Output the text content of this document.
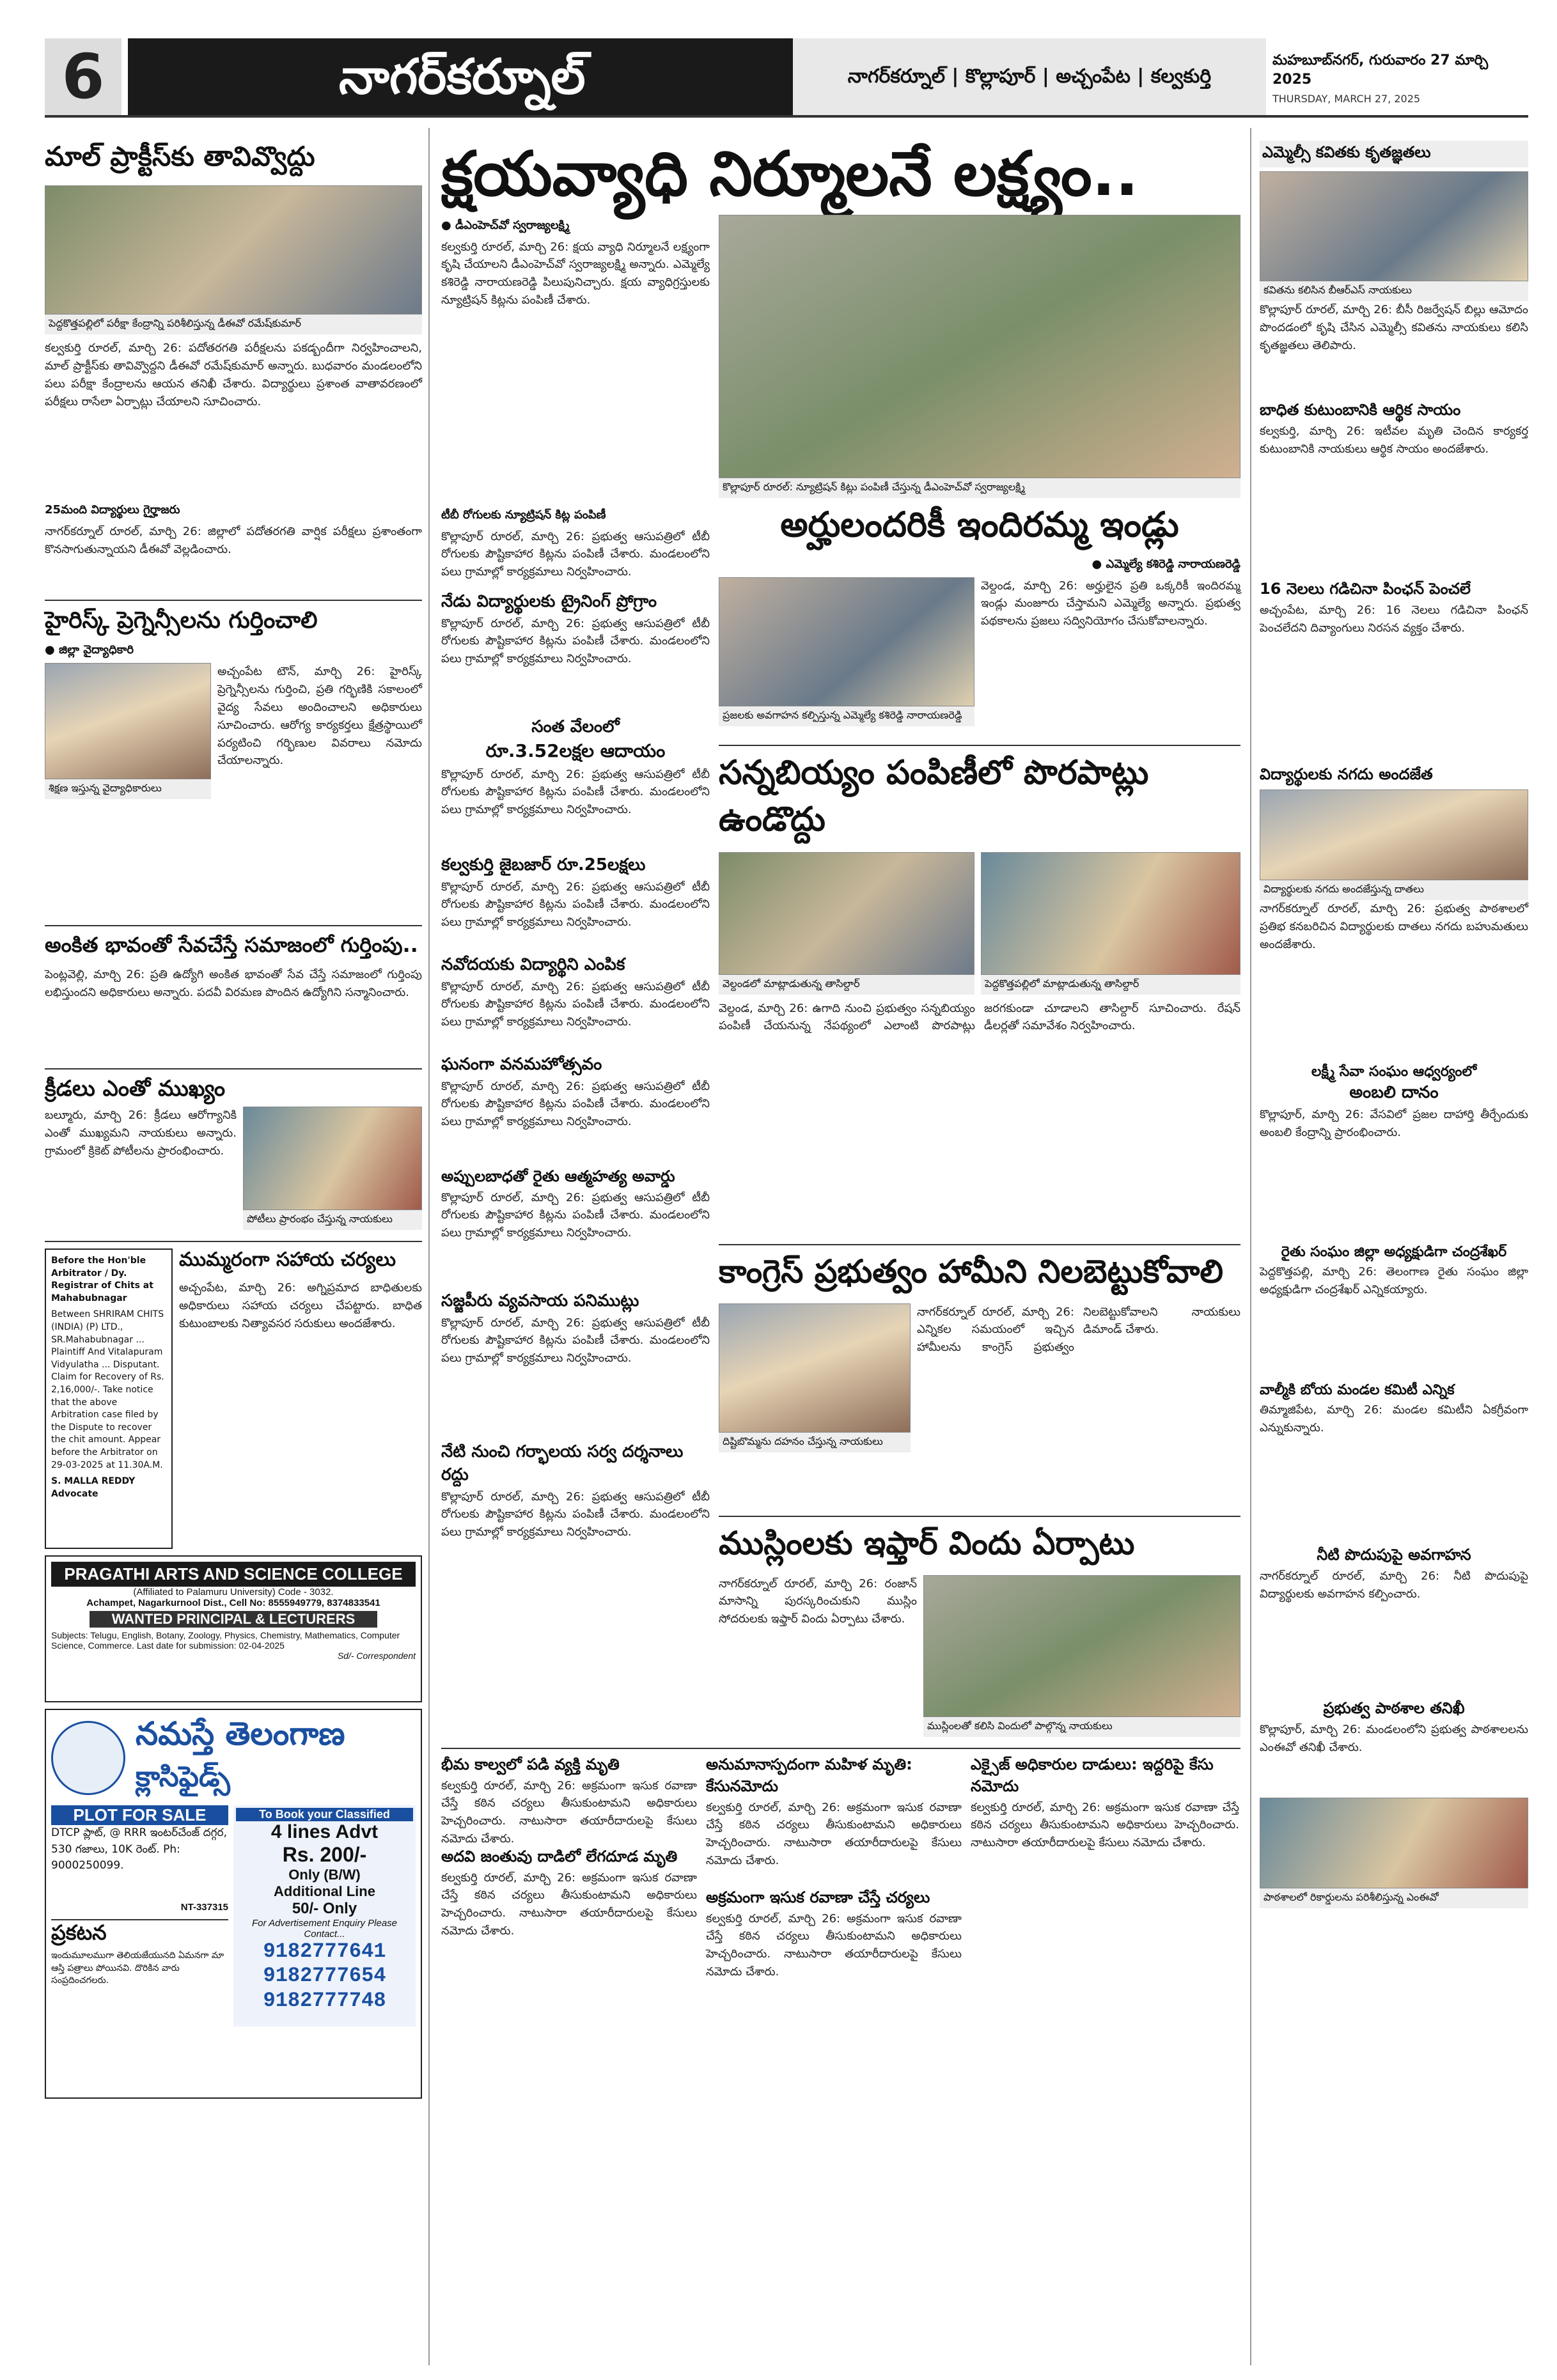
6	నాగర్‌కర్నూల్	నాగర్‌కర్నూల్ | కొల్లాపూర్ | అచ్చంపేట | కల్వకుర్తి
మహబూబ్‌నగర్, గురువారం 27 మార్చి 2025
THURSDAY, MARCH 27, 2025
మాల్ ప్రాక్టీస్‌కు తావివ్వొద్దు
పెద్దకొత్తపల్లిలో పరీక్షా కేంద్రాన్ని పరిశీలిస్తున్న డీఈవో రమేష్‌కుమార్
కల్వకుర్తి రూరల్, మార్చి 26: పదోతరగతి పరీక్షలను పకడ్బందీగా నిర్వహించాలని, మాల్ ప్రాక్టీస్‌కు తావివ్వొద్దని డీఈవో రమేష్‌కుమార్ అన్నారు. బుధవారం మండలంలోని పలు పరీక్షా కేంద్రాలను ఆయన తనిఖీ చేశారు. విద్యార్థులు ప్రశాంత వాతావరణంలో పరీక్షలు రాసేలా ఏర్పాట్లు చేయాలని సూచించారు.
25మంది విద్యార్థులు గైర్హాజరు
నాగర్‌కర్నూల్ రూరల్, మార్చి 26: జిల్లాలో పదోతరగతి వార్షిక పరీక్షలు ప్రశాంతంగా కొనసాగుతున్నాయని డీఈవో వెల్లడించారు.
హైరిస్క్ ప్రెగ్నెన్సీలను గుర్తించాలి
● జిల్లా వైద్యాధికారి
శిక్షణ ఇస్తున్న వైద్యాధికారులు
అచ్చంపేట టౌన్, మార్చి 26: హైరిస్క్ ప్రెగ్నెన్సీలను గుర్తించి, ప్రతి గర్భిణికి సకాలంలో వైద్య సేవలు అందించాలని అధికారులు సూచించారు. ఆరోగ్య కార్యకర్తలు క్షేత్రస్థాయిలో పర్యటించి గర్భిణుల వివరాలు నమోదు చేయాలన్నారు.
అంకిత భావంతో సేవచేస్తే సమాజంలో గుర్తింపు..
పెంట్లవెల్లి, మార్చి 26: ప్రతి ఉద్యోగి అంకిత భావంతో సేవ చేస్తే సమాజంలో గుర్తింపు లభిస్తుందని అధికారులు అన్నారు. పదవీ విరమణ పొందిన ఉద్యోగిని సన్మానించారు.
క్రీడలు ఎంతో ముఖ్యం
బల్మూరు, మార్చి 26: క్రీడలు ఆరోగ్యానికి ఎంతో ముఖ్యమని నాయకులు అన్నారు. గ్రామంలో క్రికెట్ పోటీలను ప్రారంభించారు.
పోటీలు ప్రారంభం చేస్తున్న నాయకులు
Before the Hon'ble Arbitrator / Dy. Registrar of Chits at Mahabubnagar
Between SHRIRAM CHITS (INDIA) (P) LTD., SR.Mahabubnagar ... Plaintiff And Vitalapuram Vidyulatha ... Disputant. Claim for Recovery of Rs. 2,16,000/-. Take notice that the above Arbitration case filed by the Dispute to recover the chit amount. Appear before the Arbitrator on 29-03-2025 at 11.30A.M.
S. MALLA REDDY Advocate
ముమ్మరంగా సహాయ చర్యలు
అచ్చంపేట, మార్చి 26: అగ్నిప్రమాద బాధితులకు అధికారులు సహాయ చర్యలు చేపట్టారు. బాధిత కుటుంబాలకు నిత్యావసర సరుకులు అందజేశారు.
PRAGATHI ARTS AND SCIENCE COLLEGE
(Affiliated to Palamuru University) Code - 3032.
Achampet, Nagarkurnool Dist., Cell No: 8555949779, 8374833541
WANTED PRINCIPAL & LECTURERS
Subjects: Telugu, English, Botany, Zoology, Physics, Chemistry, Mathematics, Computer Science, Commerce. Last date for submission: 02-04-2025
Sd/- Correspondent
నమస్తే తెలంగాణ
క్లాసిఫైడ్స్
PLOT FOR SALE
DTCP ప్లాట్, @ RRR ఇంటర్‌చేంజ్ దగ్గర, 530 గజాలు, 10K రెంట్. Ph: 9000250099.
NT-337315
ప్రకటన
ఇందుమూలముగా తెలియజేయునది ఏమనగా మా ఆస్తి పత్రాలు పోయినవి. దొరికిన వారు సంప్రదించగలరు.
To Book your Classified
4 lines Advt
Rs. 200/-
Only (B/W)
Additional Line
50/- Only
For Advertisement Enquiry Please Contact...
9182777641
9182777654
9182777748
క్షయవ్యాధి నిర్మూలనే లక్ష్యం..
● డీఎంహెచ్‌వో స్వరాజ్యలక్ష్మి
కల్వకుర్తి రూరల్, మార్చి 26: క్షయ వ్యాధి నిర్మూలనే లక్ష్యంగా కృషి చేయాలని డీఎంహెచ్‌వో స్వరాజ్యలక్ష్మి అన్నారు. ఎమ్మెల్యే కశిరెడ్డి నారాయణరెడ్డి పిలుపునిచ్చారు. క్షయ వ్యాధిగ్రస్తులకు న్యూట్రిషన్ కిట్లను పంపిణీ చేశారు.
కొల్లాపూర్ రూరల్: న్యూట్రిషన్ కిట్లు పంపిణీ చేస్తున్న డీఎంహెచ్‌వో స్వరాజ్యలక్ష్మి
టీబీ రోగులకు న్యూట్రిషన్ కిట్ల పంపిణీ
కొల్లాపూర్ రూరల్, మార్చి 26: ప్రభుత్వ ఆసుపత్రిలో టీబీ రోగులకు పౌష్టికాహార కిట్లను పంపిణీ చేశారు. మండలంలోని పలు గ్రామాల్లో కార్యక్రమాలు నిర్వహించారు.
నేడు విద్యార్థులకు ట్రైనింగ్ ప్రోగ్రాం
కొల్లాపూర్ రూరల్, మార్చి 26: ప్రభుత్వ ఆసుపత్రిలో టీబీ రోగులకు పౌష్టికాహార కిట్లను పంపిణీ చేశారు. మండలంలోని పలు గ్రామాల్లో కార్యక్రమాలు నిర్వహించారు.
సంత వేలంలో
రూ.3.52లక్షల ఆదాయం
కొల్లాపూర్ రూరల్, మార్చి 26: ప్రభుత్వ ఆసుపత్రిలో టీబీ రోగులకు పౌష్టికాహార కిట్లను పంపిణీ చేశారు. మండలంలోని పలు గ్రామాల్లో కార్యక్రమాలు నిర్వహించారు.
కల్వకుర్తి జైబజార్ రూ.25లక్షలు
కొల్లాపూర్ రూరల్, మార్చి 26: ప్రభుత్వ ఆసుపత్రిలో టీబీ రోగులకు పౌష్టికాహార కిట్లను పంపిణీ చేశారు. మండలంలోని పలు గ్రామాల్లో కార్యక్రమాలు నిర్వహించారు.
నవోదయకు విద్యార్థిని ఎంపిక
కొల్లాపూర్ రూరల్, మార్చి 26: ప్రభుత్వ ఆసుపత్రిలో టీబీ రోగులకు పౌష్టికాహార కిట్లను పంపిణీ చేశారు. మండలంలోని పలు గ్రామాల్లో కార్యక్రమాలు నిర్వహించారు.
ఘనంగా వనమహోత్సవం
కొల్లాపూర్ రూరల్, మార్చి 26: ప్రభుత్వ ఆసుపత్రిలో టీబీ రోగులకు పౌష్టికాహార కిట్లను పంపిణీ చేశారు. మండలంలోని పలు గ్రామాల్లో కార్యక్రమాలు నిర్వహించారు.
అప్పులబాధతో రైతు ఆత్మహత్య అవార్డు
కొల్లాపూర్ రూరల్, మార్చి 26: ప్రభుత్వ ఆసుపత్రిలో టీబీ రోగులకు పౌష్టికాహార కిట్లను పంపిణీ చేశారు. మండలంలోని పలు గ్రామాల్లో కార్యక్రమాలు నిర్వహించారు.
సజ్జపీరు వ్యవసాయ పనిముట్లు
కొల్లాపూర్ రూరల్, మార్చి 26: ప్రభుత్వ ఆసుపత్రిలో టీబీ రోగులకు పౌష్టికాహార కిట్లను పంపిణీ చేశారు. మండలంలోని పలు గ్రామాల్లో కార్యక్రమాలు నిర్వహించారు.
నేటి నుంచి గర్భాలయ సర్వ దర్శనాలు రద్దు
కొల్లాపూర్ రూరల్, మార్చి 26: ప్రభుత్వ ఆసుపత్రిలో టీబీ రోగులకు పౌష్టికాహార కిట్లను పంపిణీ చేశారు. మండలంలోని పలు గ్రామాల్లో కార్యక్రమాలు నిర్వహించారు.
అర్హులందరికీ ఇందిరమ్మ ఇండ్లు
● ఎమ్మెల్యే కశిరెడ్డి నారాయణరెడ్డి
ప్రజలకు అవగాహన కల్పిస్తున్న ఎమ్మెల్యే కశిరెడ్డి నారాయణరెడ్డి
వెల్దండ, మార్చి 26: అర్హులైన ప్రతి ఒక్కరికీ ఇందిరమ్మ ఇండ్లు మంజూరు చేస్తామని ఎమ్మెల్యే అన్నారు. ప్రభుత్వ పథకాలను ప్రజలు సద్వినియోగం చేసుకోవాలన్నారు.
సన్నబియ్యం పంపిణీలో పొరపాట్లు ఉండొద్దు
వెల్దండలో మాట్లాడుతున్న తాసిల్దార్	పెద్దకొత్తపల్లిలో మాట్లాడుతున్న తాసిల్దార్
వెల్దండ, మార్చి 26: ఉగాది నుంచి ప్రభుత్వం సన్నబియ్యం పంపిణీ చేయనున్న నేపథ్యంలో ఎలాంటి పొరపాట్లు జరగకుండా చూడాలని తాసిల్దార్ సూచించారు. రేషన్ డీలర్లతో సమావేశం నిర్వహించారు.
కాంగ్రెస్ ప్రభుత్వం హామీని నిలబెట్టుకోవాలి
దిష్టిబొమ్మను దహనం చేస్తున్న నాయకులు
నాగర్‌కర్నూల్ రూరల్, మార్చి 26: ఎన్నికల సమయంలో ఇచ్చిన హామీలను కాంగ్రెస్ ప్రభుత్వం నిలబెట్టుకోవాలని నాయకులు డిమాండ్ చేశారు.
ముస్లింలకు ఇఫ్తార్ విందు ఏర్పాటు
నాగర్‌కర్నూల్ రూరల్, మార్చి 26: రంజాన్ మాసాన్ని పురస్కరించుకుని ముస్లిం సోదరులకు ఇఫ్తార్ విందు ఏర్పాటు చేశారు.
ముస్లింలతో కలిసి విందులో పాల్గొన్న నాయకులు
భీమ కాల్వలో పడి వ్యక్తి మృతి
కల్వకుర్తి రూరల్, మార్చి 26: అక్రమంగా ఇసుక రవాణా చేస్తే కఠిన చర్యలు తీసుకుంటామని అధికారులు హెచ్చరించారు. నాటుసారా తయారీదారులపై కేసులు నమోదు చేశారు.
అదవి జంతువు దాడిలో లేగదూడ మృతి
కల్వకుర్తి రూరల్, మార్చి 26: అక్రమంగా ఇసుక రవాణా చేస్తే కఠిన చర్యలు తీసుకుంటామని అధికారులు హెచ్చరించారు. నాటుసారా తయారీదారులపై కేసులు నమోదు చేశారు.
అనుమానాస్పదంగా మహిళ మృతి: కేసునమోదు
కల్వకుర్తి రూరల్, మార్చి 26: అక్రమంగా ఇసుక రవాణా చేస్తే కఠిన చర్యలు తీసుకుంటామని అధికారులు హెచ్చరించారు. నాటుసారా తయారీదారులపై కేసులు నమోదు చేశారు.
అక్రమంగా ఇసుక రవాణా చేస్తే చర్యలు
కల్వకుర్తి రూరల్, మార్చి 26: అక్రమంగా ఇసుక రవాణా చేస్తే కఠిన చర్యలు తీసుకుంటామని అధికారులు హెచ్చరించారు. నాటుసారా తయారీదారులపై కేసులు నమోదు చేశారు.
ఎక్సైజ్ అధికారుల దాడులు: ఇద్దరిపై కేసు నమోదు
కల్వకుర్తి రూరల్, మార్చి 26: అక్రమంగా ఇసుక రవాణా చేస్తే కఠిన చర్యలు తీసుకుంటామని అధికారులు హెచ్చరించారు. నాటుసారా తయారీదారులపై కేసులు నమోదు చేశారు.
ఎమ్మెల్సీ కవితకు కృతజ్ఞతలు
కవితను కలిసిన బీఆర్ఎస్ నాయకులు
కొల్లాపూర్ రూరల్, మార్చి 26: బీసీ రిజర్వేషన్ బిల్లు ఆమోదం పొందడంలో కృషి చేసిన ఎమ్మెల్సీ కవితను నాయకులు కలిసి కృతజ్ఞతలు తెలిపారు.
బాధిత కుటుంబానికి ఆర్థిక సాయం
కల్వకుర్తి, మార్చి 26: ఇటీవల మృతి చెందిన కార్యకర్త కుటుంబానికి నాయకులు ఆర్థిక సాయం అందజేశారు.
16 నెలలు గడిచినా పింఛన్ పెంచలే
అచ్చంపేట, మార్చి 26: 16 నెలలు గడిచినా పింఛన్ పెంచలేదని దివ్యాంగులు నిరసన వ్యక్తం చేశారు.
విద్యార్థులకు నగదు అందజేత
విద్యార్థులకు నగదు అందజేస్తున్న దాతలు
నాగర్‌కర్నూల్ రూరల్, మార్చి 26: ప్రభుత్వ పాఠశాలలో ప్రతిభ కనబరిచిన విద్యార్థులకు దాతలు నగదు బహుమతులు అందజేశారు.
లక్ష్మీ సేవా సంఘం ఆధ్వర్యంలో
అంబలి దానం
కొల్లాపూర్, మార్చి 26: వేసవిలో ప్రజల దాహార్తి తీర్చేందుకు అంబలి కేంద్రాన్ని ప్రారంభించారు.
రైతు సంఘం జిల్లా అధ్యక్షుడిగా చంద్రశేఖర్
పెద్దకొత్తపల్లి, మార్చి 26: తెలంగాణ రైతు సంఘం జిల్లా అధ్యక్షుడిగా చంద్రశేఖర్ ఎన్నికయ్యారు.
వాల్మీకి బోయ మండల కమిటీ ఎన్నిక
తిమ్మాజిపేట, మార్చి 26: మండల కమిటీని ఏకగ్రీవంగా ఎన్నుకున్నారు.
నీటి పొదుపుపై అవగాహన
నాగర్‌కర్నూల్ రూరల్, మార్చి 26: నీటి పొదుపుపై విద్యార్థులకు అవగాహన కల్పించారు.
ప్రభుత్వ పాఠశాల తనిఖీ
కొల్లాపూర్, మార్చి 26: మండలంలోని ప్రభుత్వ పాఠశాలలను ఎంఈవో తనిఖీ చేశారు.
పాఠశాలలో రికార్డులను పరిశీలిస్తున్న ఎంఈవో
